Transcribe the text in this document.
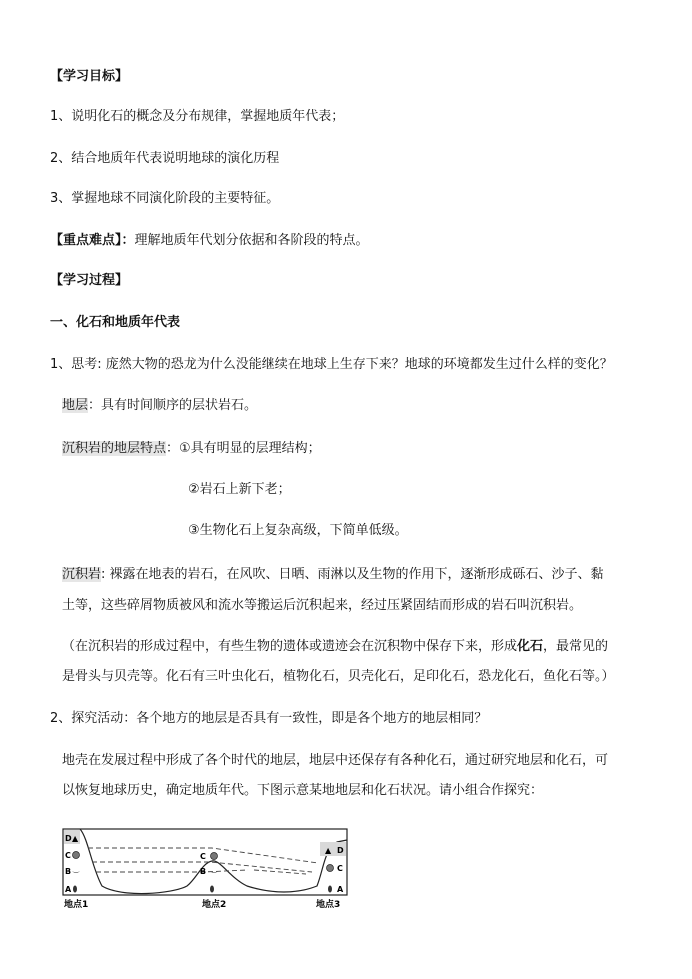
【学习目标】
1、说明化石的概念及分布规律，掌握地质年代表；
2、结合地质年代表说明地球的演化历程
3、掌握地球不同演化阶段的主要特征。
【重点难点】：理解地质年代划分依据和各阶段的特点。
【学习过程】
一、化石和地质年代表
1、思考: 庞然大物的恐龙为什么没能继续在地球上生存下来？地球的环境都发生过什么样的变化？
地层：具有时间顺序的层状岩石。
沉积岩的地层特点：①具有明显的层理结构；
②岩石上新下老；
③生物化石上复杂高级，下简单低级。
沉积岩: 裸露在地表的岩石，在风吹、日晒、雨淋以及生物的作用下，逐渐形成砾石、沙子、黏
土等，这些碎屑物质被风和流水等搬运后沉积起来，经过压紧固结而形成的岩石叫沉积岩。
（在沉积岩的形成过程中，有些生物的遗体或遗迹会在沉积物中保存下来，形成化石，最常见的
是骨头与贝壳等。化石有三叶虫化石，植物化石，贝壳化石，足印化石，恐龙化石，鱼化石等。）
2、探究活动：各个地方的地层是否具有一致性，即是各个地方的地层相同？
地壳在发展过程中形成了各个时代的地层，地层中还保存有各种化石，通过研究地层和化石，可
以恢复地球历史，确定地质年代。下图示意某地地层和化石状况。请小组合作探究：
D ▲
C
B
A
C
B
▲ D
C
A
地点1	地点2	地点3
